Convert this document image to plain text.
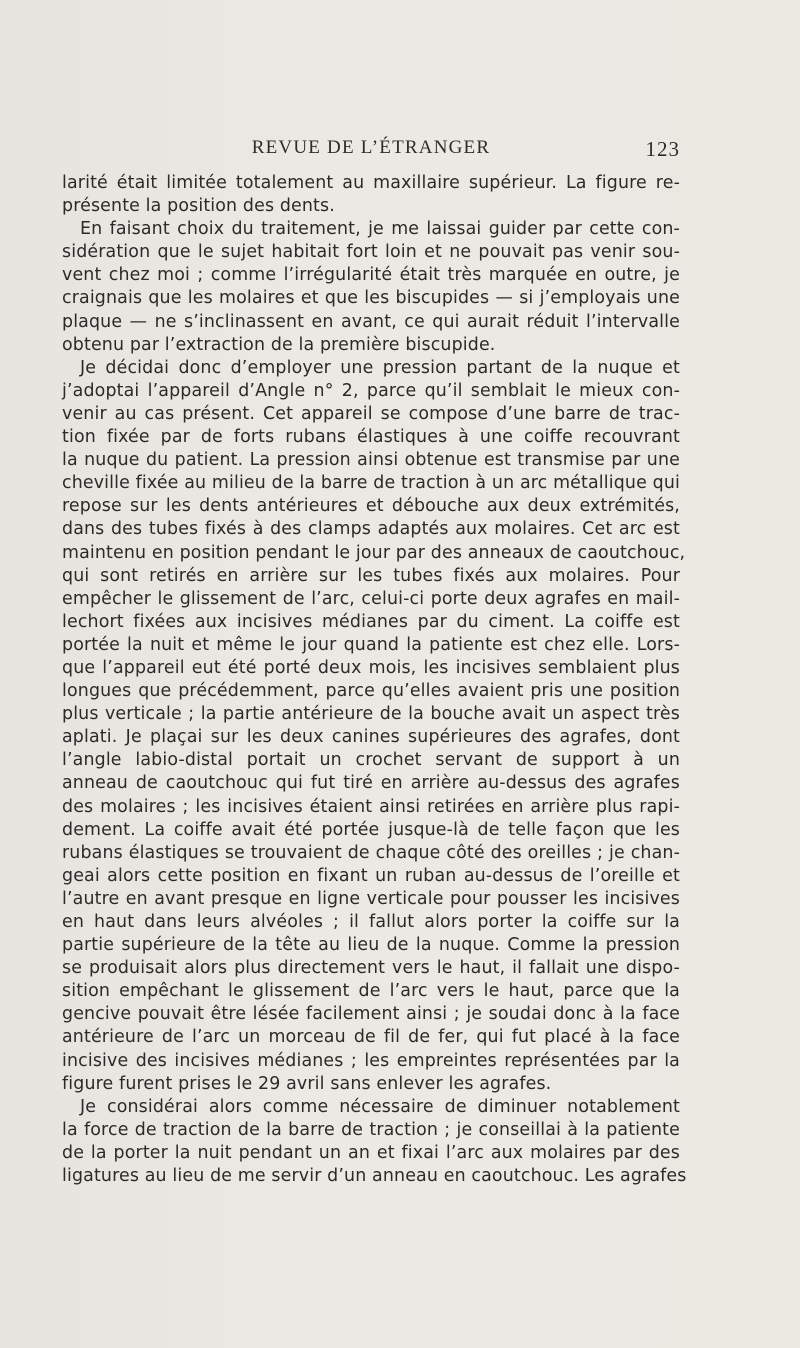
REVUE DE L’ÉTRANGER	123
larité était limitée totalement au maxillaire supérieur. La figure re-
présente la position des dents.
En faisant choix du traitement, je me laissai guider par cette con-
sidération que le sujet habitait fort loin et ne pouvait pas venir sou-
vent chez moi ; comme l’irrégularité était très marquée en outre, je
craignais que les molaires et que les biscupides — si j’employais une
plaque — ne s’inclinassent en avant, ce qui aurait réduit l’intervalle
obtenu par l’extraction de la première biscupide.
Je décidai donc d’employer une pression partant de la nuque et
j’adoptai l’appareil d’Angle n° 2, parce qu’il semblait le mieux con-
venir au cas présent. Cet appareil se compose d’une barre de trac-
tion fixée par de forts rubans élastiques à une coiffe recouvrant
la nuque du patient. La pression ainsi obtenue est transmise par une
cheville fixée au milieu de la barre de traction à un arc métallique qui
repose sur les dents antérieures et débouche aux deux extrémités,
dans des tubes fixés à des clamps adaptés aux molaires. Cet arc est
maintenu en position pendant le jour par des anneaux de caoutchouc,
qui sont retirés en arrière sur les tubes fixés aux molaires. Pour
empêcher le glissement de l’arc, celui-ci porte deux agrafes en mail-
lechort fixées aux incisives médianes par du ciment. La coiffe est
portée la nuit et même le jour quand la patiente est chez elle. Lors-
que l’appareil eut été porté deux mois, les incisives semblaient plus
longues que précédemment, parce qu’elles avaient pris une position
plus verticale ; la partie antérieure de la bouche avait un aspect très
aplati. Je plaçai sur les deux canines supérieures des agrafes, dont
l’angle labio-distal portait un crochet servant de support à un
anneau de caoutchouc qui fut tiré en arrière au-dessus des agrafes
des molaires ; les incisives étaient ainsi retirées en arrière plus rapi-
dement. La coiffe avait été portée jusque-là de telle façon que les
rubans élastiques se trouvaient de chaque côté des oreilles ; je chan-
geai alors cette position en fixant un ruban au-dessus de l’oreille et
l’autre en avant presque en ligne verticale pour pousser les incisives
en haut dans leurs alvéoles ; il fallut alors porter la coiffe sur la
partie supérieure de la tête au lieu de la nuque. Comme la pression
se produisait alors plus directement vers le haut, il fallait une dispo-
sition empêchant le glissement de l’arc vers le haut, parce que la
gencive pouvait être lésée facilement ainsi ; je soudai donc à la face
antérieure de l’arc un morceau de fil de fer, qui fut placé à la face
incisive des incisives médianes ; les empreintes représentées par la
figure furent prises le 29 avril sans enlever les agrafes.
Je considérai alors comme nécessaire de diminuer notablement
la force de traction de la barre de traction ; je conseillai à la patiente
de la porter la nuit pendant un an et fixai l’arc aux molaires par des
ligatures au lieu de me servir d’un anneau en caoutchouc. Les agrafes
